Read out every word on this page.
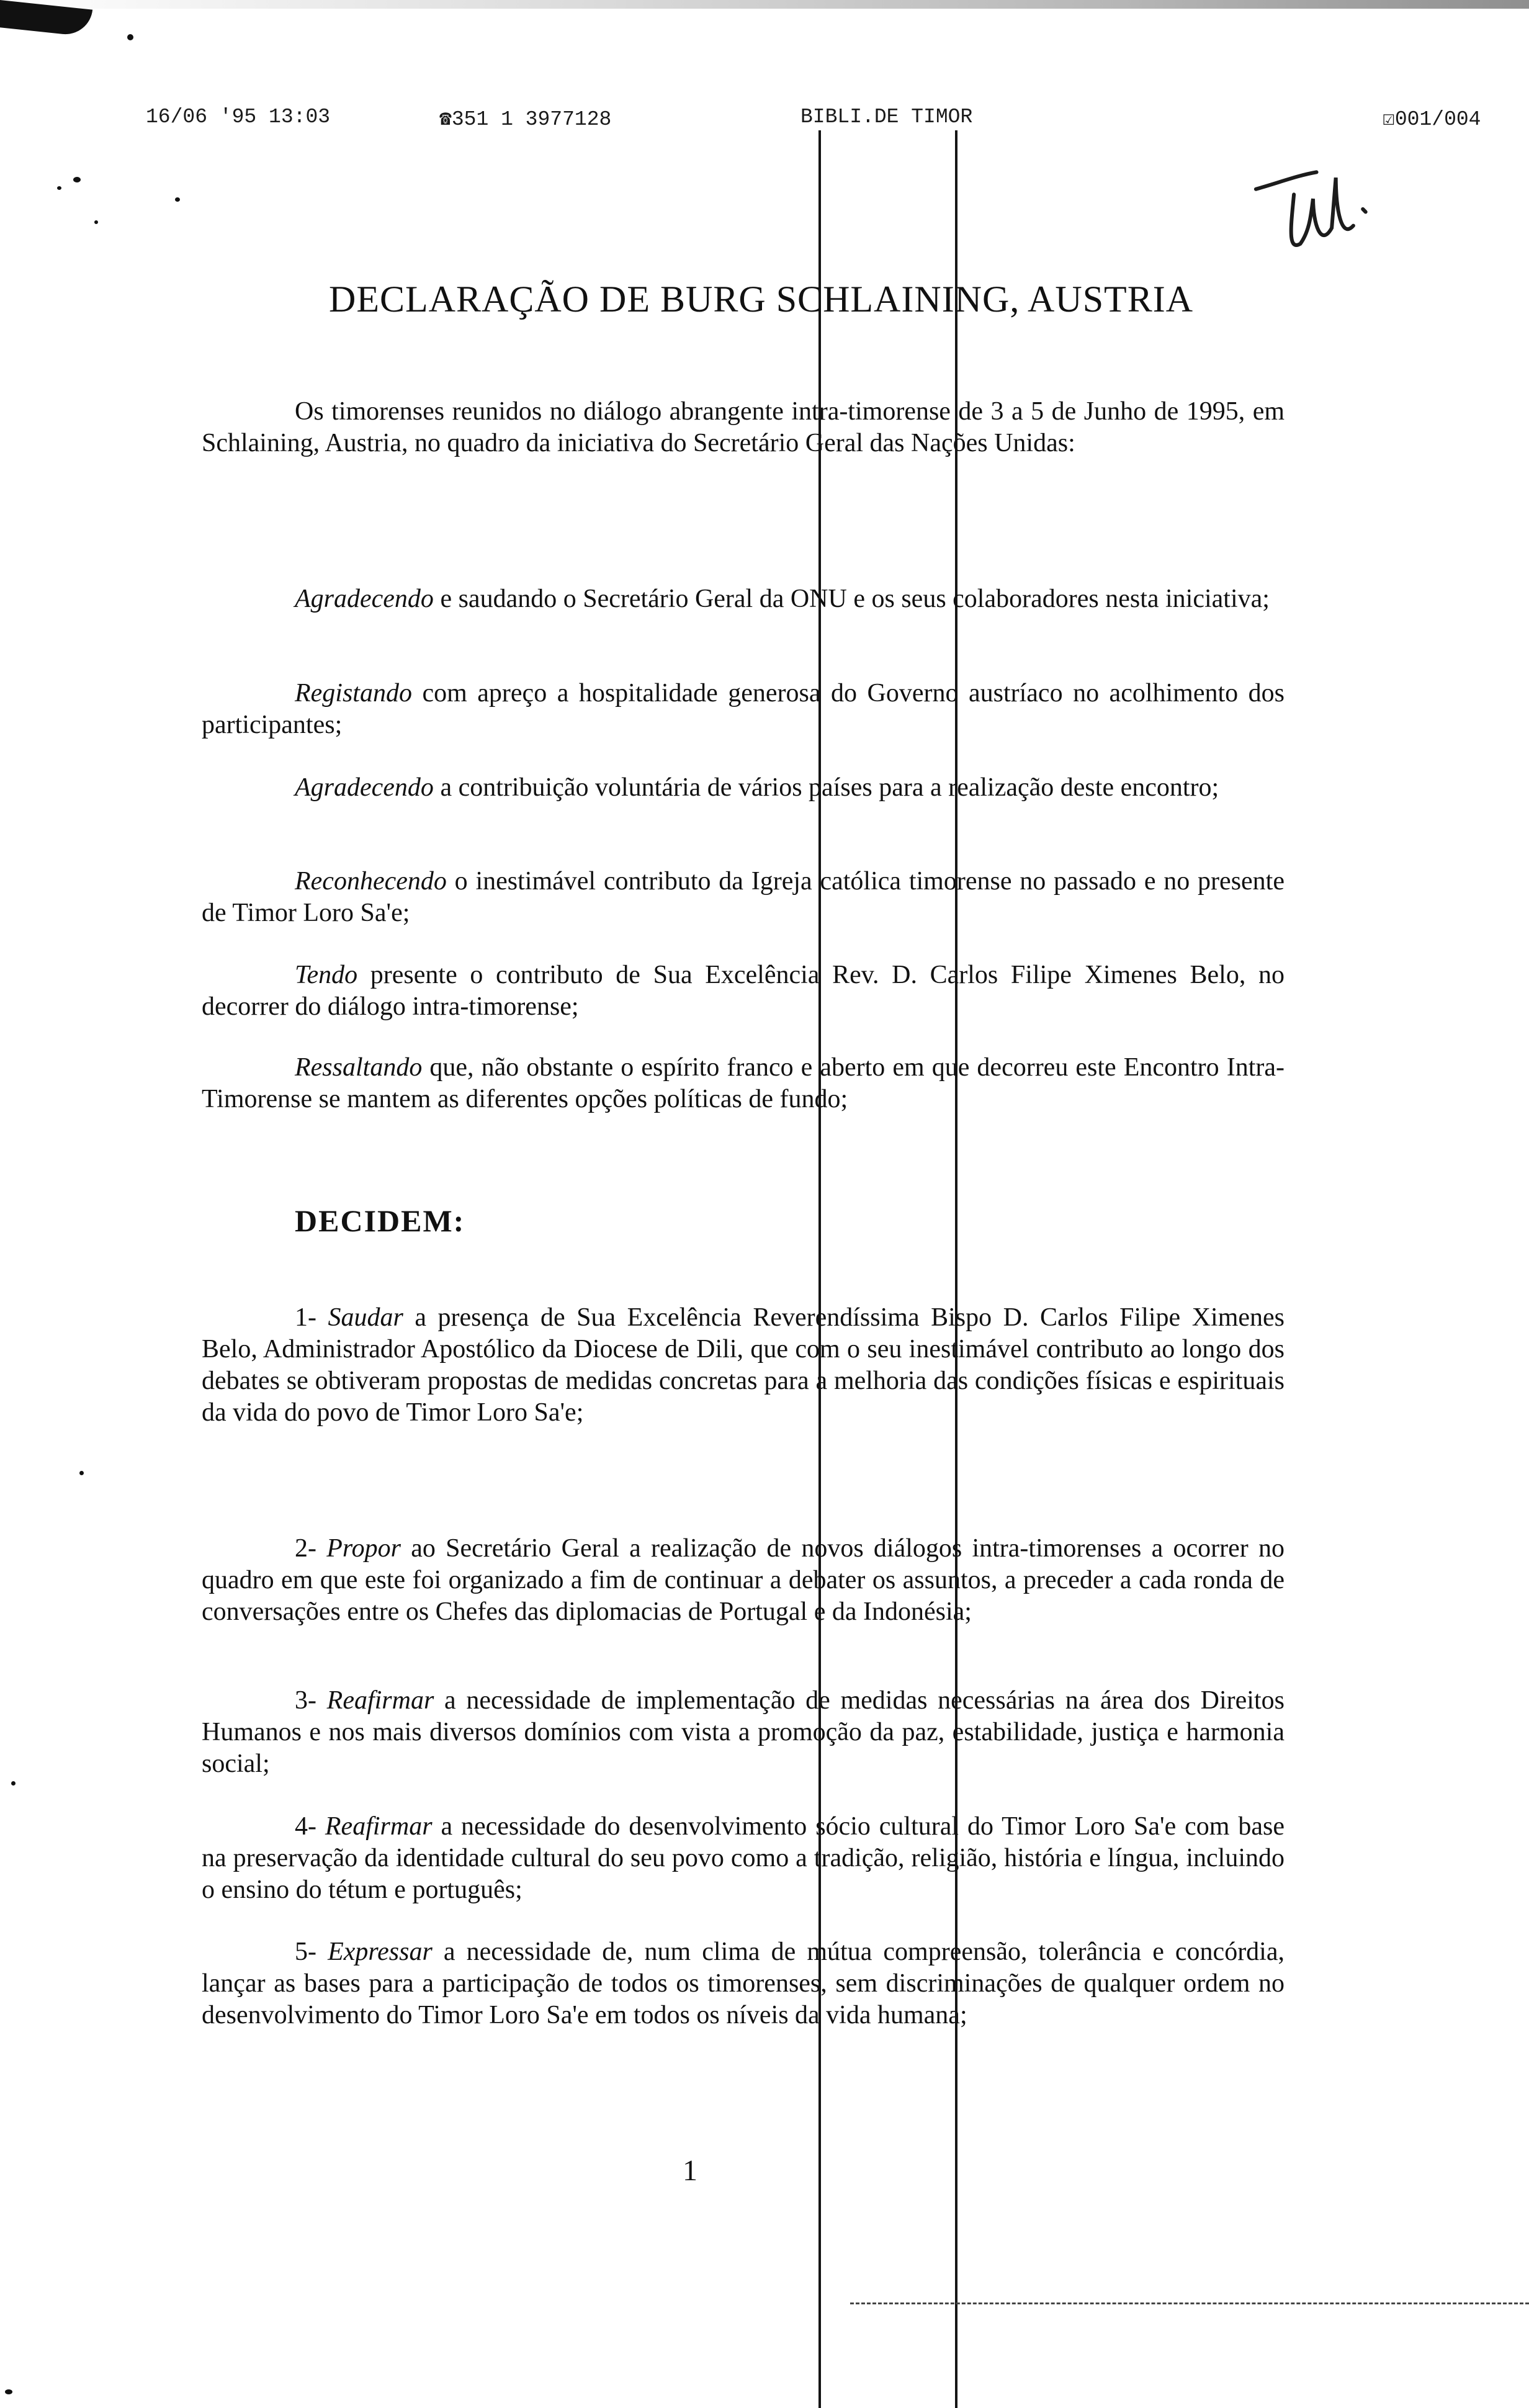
16/06 '95 13:03	☎351 1 3977128	BIBLI.DE TIMOR	☑001/004
DECLARAÇÃO DE BURG SCHLAINING, AUSTRIA
Os timorenses reunidos no diálogo abrangente intra-timorense de 3 a 5 de Junho de 1995, em Schlaining, Austria, no quadro da iniciativa do Secretário Geral das Nações Unidas:
Agradecendo e saudando o Secretário Geral da ONU e os seus colaboradores nesta iniciativa;
Registando com apreço a hospitalidade generosa do Governo austríaco no acolhimento dos participantes;
Agradecendo a contribuição voluntária de vários países para a realização deste encontro;
Reconhecendo o inestimável contributo da Igreja católica timorense no passado e no presente de Timor Loro Sa'e;
Tendo presente o contributo de Sua Excelência Rev. D. Carlos Filipe Ximenes Belo, no decorrer do diálogo intra-timorense;
Ressaltando que, não obstante o espírito franco e aberto em que decorreu este Encontro Intra-Timorense se mantem as diferentes opções políticas de fundo;
DECIDEM:
1- Saudar a presença de Sua Excelência Reverendíssima Bispo D. Carlos Filipe Ximenes Belo, Administrador Apostólico da Diocese de Dili, que com o seu inestimável contributo ao longo dos debates se obtiveram propostas de medidas concretas para a melhoria das condições físicas e espirituais da vida do povo de Timor Loro Sa'e;
2- Propor ao Secretário Geral a realização de novos diálogos intra-timorenses a ocorrer no quadro em que este foi organizado a fim de continuar a debater os assuntos, a preceder a cada ronda de conversações entre os Chefes das diplomacias de Portugal e da Indonésia;
3- Reafirmar a necessidade de implementação de medidas necessárias na área dos Direitos Humanos e nos mais diversos domínios com vista a promoção da paz, estabilidade, justiça e harmonia social;
4- Reafirmar a necessidade do desenvolvimento sócio cultural do Timor Loro Sa'e com base na preservação da identidade cultural do seu povo como a tradição, religião, história e língua, incluindo o ensino do tétum e português;
5- Expressar a necessidade de, num clima de mútua compreensão, tolerância e concórdia, lançar as bases para a participação de todos os timorenses, sem discriminações de qualquer ordem no desenvolvimento do Timor Loro Sa'e em todos os níveis da vida humana;
1
